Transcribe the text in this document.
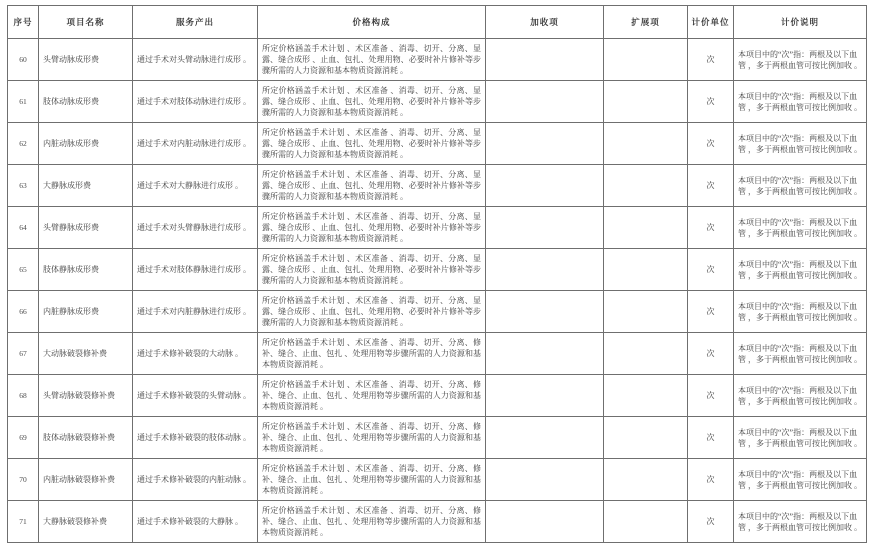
序号	项目名称	服务产出	价格构成	加收项	扩展项	计价单位	计价说明
60	头臂动脉成形费	通过手术对头臂动脉进行成形 。	所定价格涵盖手术计划 、术区准备 、消毒、切开、分离、显露、缝合成形 、止血、包扎、处理用物、必要时补片修补等步骤所需的人力资源和基本物质资源消耗 。			次	本项目中的“次”指：两根及以下血管 ，多于两根血管可按比例加收 。
61	肢体动脉成形费	通过手术对肢体动脉进行成形 。	所定价格涵盖手术计划 、术区准备 、消毒、切开、分离、显露、缝合成形 、止血、包扎、处理用物、必要时补片修补等步骤所需的人力资源和基本物质资源消耗 。			次	本项目中的“次”指：两根及以下血管 ，多于两根血管可按比例加收 。
62	内脏动脉成形费	通过手术对内脏动脉进行成形 。	所定价格涵盖手术计划 、术区准备 、消毒、切开、分离、显露、缝合成形 、止血、包扎、处理用物、必要时补片修补等步骤所需的人力资源和基本物质资源消耗 。			次	本项目中的“次”指：两根及以下血管 ，多于两根血管可按比例加收 。
63	大静脉成形费	通过手术对大静脉进行成形 。	所定价格涵盖手术计划 、术区准备 、消毒、切开、分离、显露、缝合成形 、止血、包扎、处理用物、必要时补片修补等步骤所需的人力资源和基本物质资源消耗 。			次	本项目中的“次”指：两根及以下血管 ，多于两根血管可按比例加收 。
64	头臂静脉成形费	通过手术对头臂静脉进行成形 。	所定价格涵盖手术计划 、术区准备 、消毒、切开、分离、显露、缝合成形 、止血、包扎、处理用物、必要时补片修补等步骤所需的人力资源和基本物质资源消耗 。			次	本项目中的“次”指：两根及以下血管 ，多于两根血管可按比例加收 。
65	肢体静脉成形费	通过手术对肢体静脉进行成形 。	所定价格涵盖手术计划 、术区准备 、消毒、切开、分离、显露、缝合成形 、止血、包扎、处理用物、必要时补片修补等步骤所需的人力资源和基本物质资源消耗 。			次	本项目中的“次”指：两根及以下血管 ，多于两根血管可按比例加收 。
66	内脏静脉成形费	通过手术对内脏静脉进行成形 。	所定价格涵盖手术计划 、术区准备 、消毒、切开、分离、显露、缝合成形 、止血、包扎、处理用物、必要时补片修补等步骤所需的人力资源和基本物质资源消耗 。			次	本项目中的“次”指：两根及以下血管 ，多于两根血管可按比例加收 。
67	大动脉破裂修补费	通过手术修补破裂的大动脉 。	所定价格涵盖手术计划 、术区准备 、消毒、切开、分离、修补、缝合、止血、包扎 、处理用物等步骤所需的人力资源和基本物质资源消耗 。			次	本项目中的“次”指：两根及以下血管 ，多于两根血管可按比例加收 。
68	头臂动脉破裂修补费	通过手术修补破裂的头臂动脉 。	所定价格涵盖手术计划 、术区准备 、消毒、切开、分离、修补、缝合、止血、包扎 、处理用物等步骤所需的人力资源和基本物质资源消耗 。			次	本项目中的“次”指：两根及以下血管 ，多于两根血管可按比例加收 。
69	肢体动脉破裂修补费	通过手术修补破裂的肢体动脉 。	所定价格涵盖手术计划 、术区准备 、消毒、切开、分离、修补、缝合、止血、包扎 、处理用物等步骤所需的人力资源和基本物质资源消耗 。			次	本项目中的“次”指：两根及以下血管 ，多于两根血管可按比例加收 。
70	内脏动脉破裂修补费	通过手术修补破裂的内脏动脉 。	所定价格涵盖手术计划 、术区准备 、消毒、切开、分离、修补、缝合、止血、包扎 、处理用物等步骤所需的人力资源和基本物质资源消耗 。			次	本项目中的“次”指：两根及以下血管 ，多于两根血管可按比例加收 。
71	大静脉破裂修补费	通过手术修补破裂的大静脉 。	所定价格涵盖手术计划 、术区准备 、消毒、切开、分离、修补、缝合、止血、包扎 、处理用物等步骤所需的人力资源和基本物质资源消耗 。			次	本项目中的“次”指：两根及以下血管 ，多于两根血管可按比例加收 。
